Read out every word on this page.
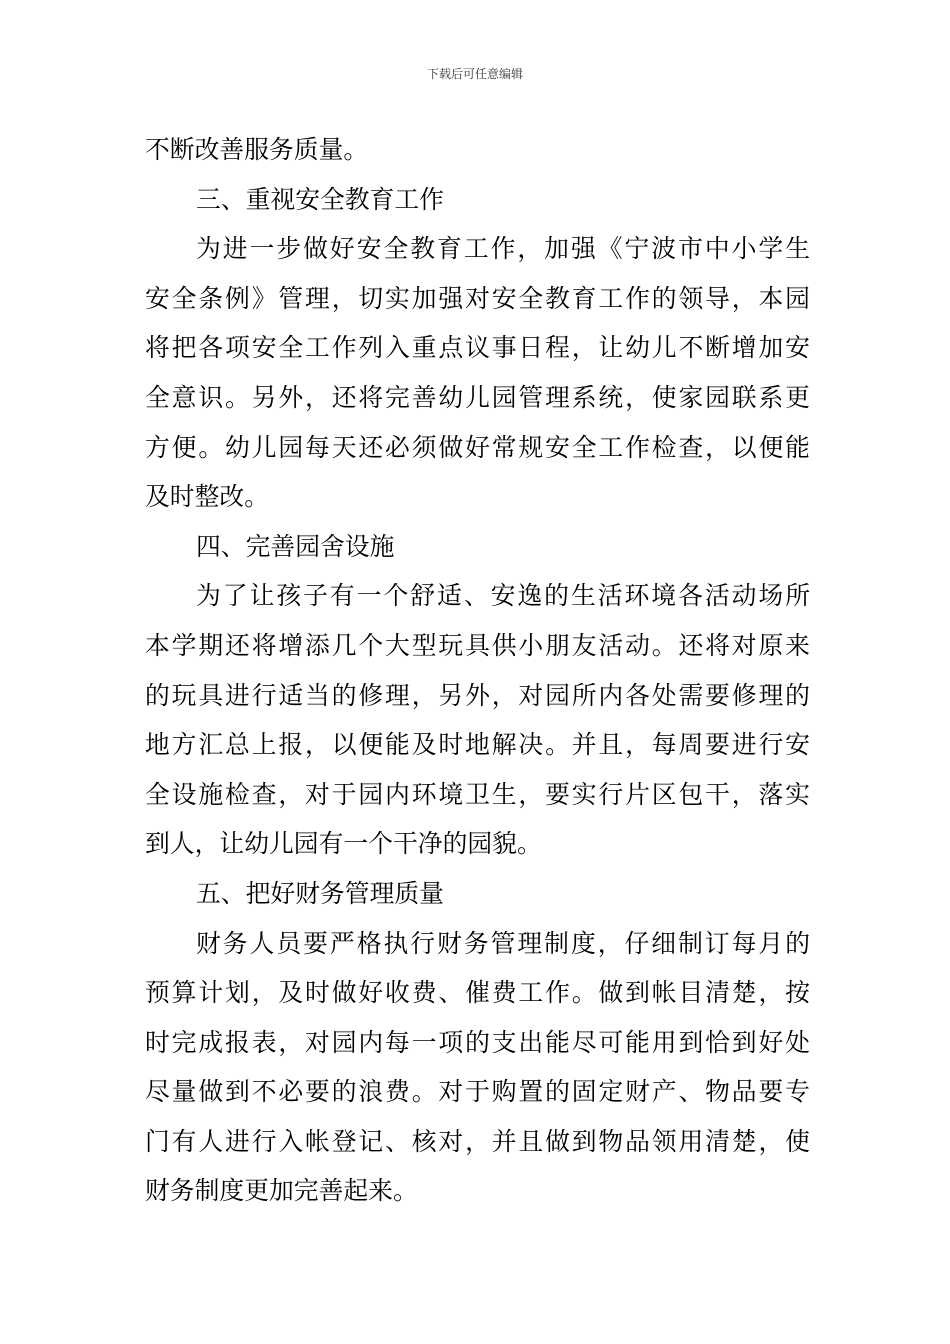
下载后可任意编辑
不断改善服务质量。
三、重视安全教育工作
为 进 一 步 做 好 安 全 教 育 工 作 ， 加 强 《 宁 波 市 中 小 学 生
安 全 条 例 》 管 理 ， 切 实 加 强 对 安 全 教 育 工 作 的 领 导 ， 本 园
将 把 各 项 安 全 工 作 列 入 重 点 议 事 日 程 ， 让 幼 儿 不 断 增 加 安
全 意 识 。 另 外 ， 还 将 完 善 幼 儿 园 管 理 系 统 ， 使 家 园 联 系 更
方 便 。 幼 儿 园 每 天 还 必 须 做 好 常 规 安 全 工 作 检 查 ， 以 便 能
及时整改。
四、完善园舍设施
为 了 让 孩 子 有 一 个 舒 适 、 安 逸 的 生 活 环 境 各 活 动 场 所
本 学 期 还 将 增 添 几 个 大 型 玩 具 供 小 朋 友 活 动 。 还 将 对 原 来
的 玩 具 进 行 适 当 的 修 理 ， 另 外 ， 对 园 所 内 各 处 需 要 修 理 的
地 方 汇 总 上 报 ， 以 便 能 及 时 地 解 决 。 并 且 ， 每 周 要 进 行 安
全 设 施 检 查 ， 对 于 园 内 环 境 卫 生 ， 要 实 行 片 区 包 干 ， 落 实
到人，让幼儿园有一个干净的园貌。
五、把好财务管理质量
财 务 人 员 要 严 格 执 行 财 务 管 理 制 度 ， 仔 细 制 订 每 月 的
预 算 计 划 ， 及 时 做 好 收 费 、 催 费 工 作 。 做 到 帐 目 清 楚 ， 按
时 完 成 报 表 ， 对 园 内 每 一 项 的 支 出 能 尽 可 能 用 到 恰 到 好 处
尽 量 做 到 不 必 要 的 浪 费 。 对 于 购 置 的 固 定 财 产 、 物 品 要 专
门 有 人 进 行 入 帐 登 记 、 核 对 ， 并 且 做 到 物 品 领 用 清 楚 ， 使
财务制度更加完善起来。
